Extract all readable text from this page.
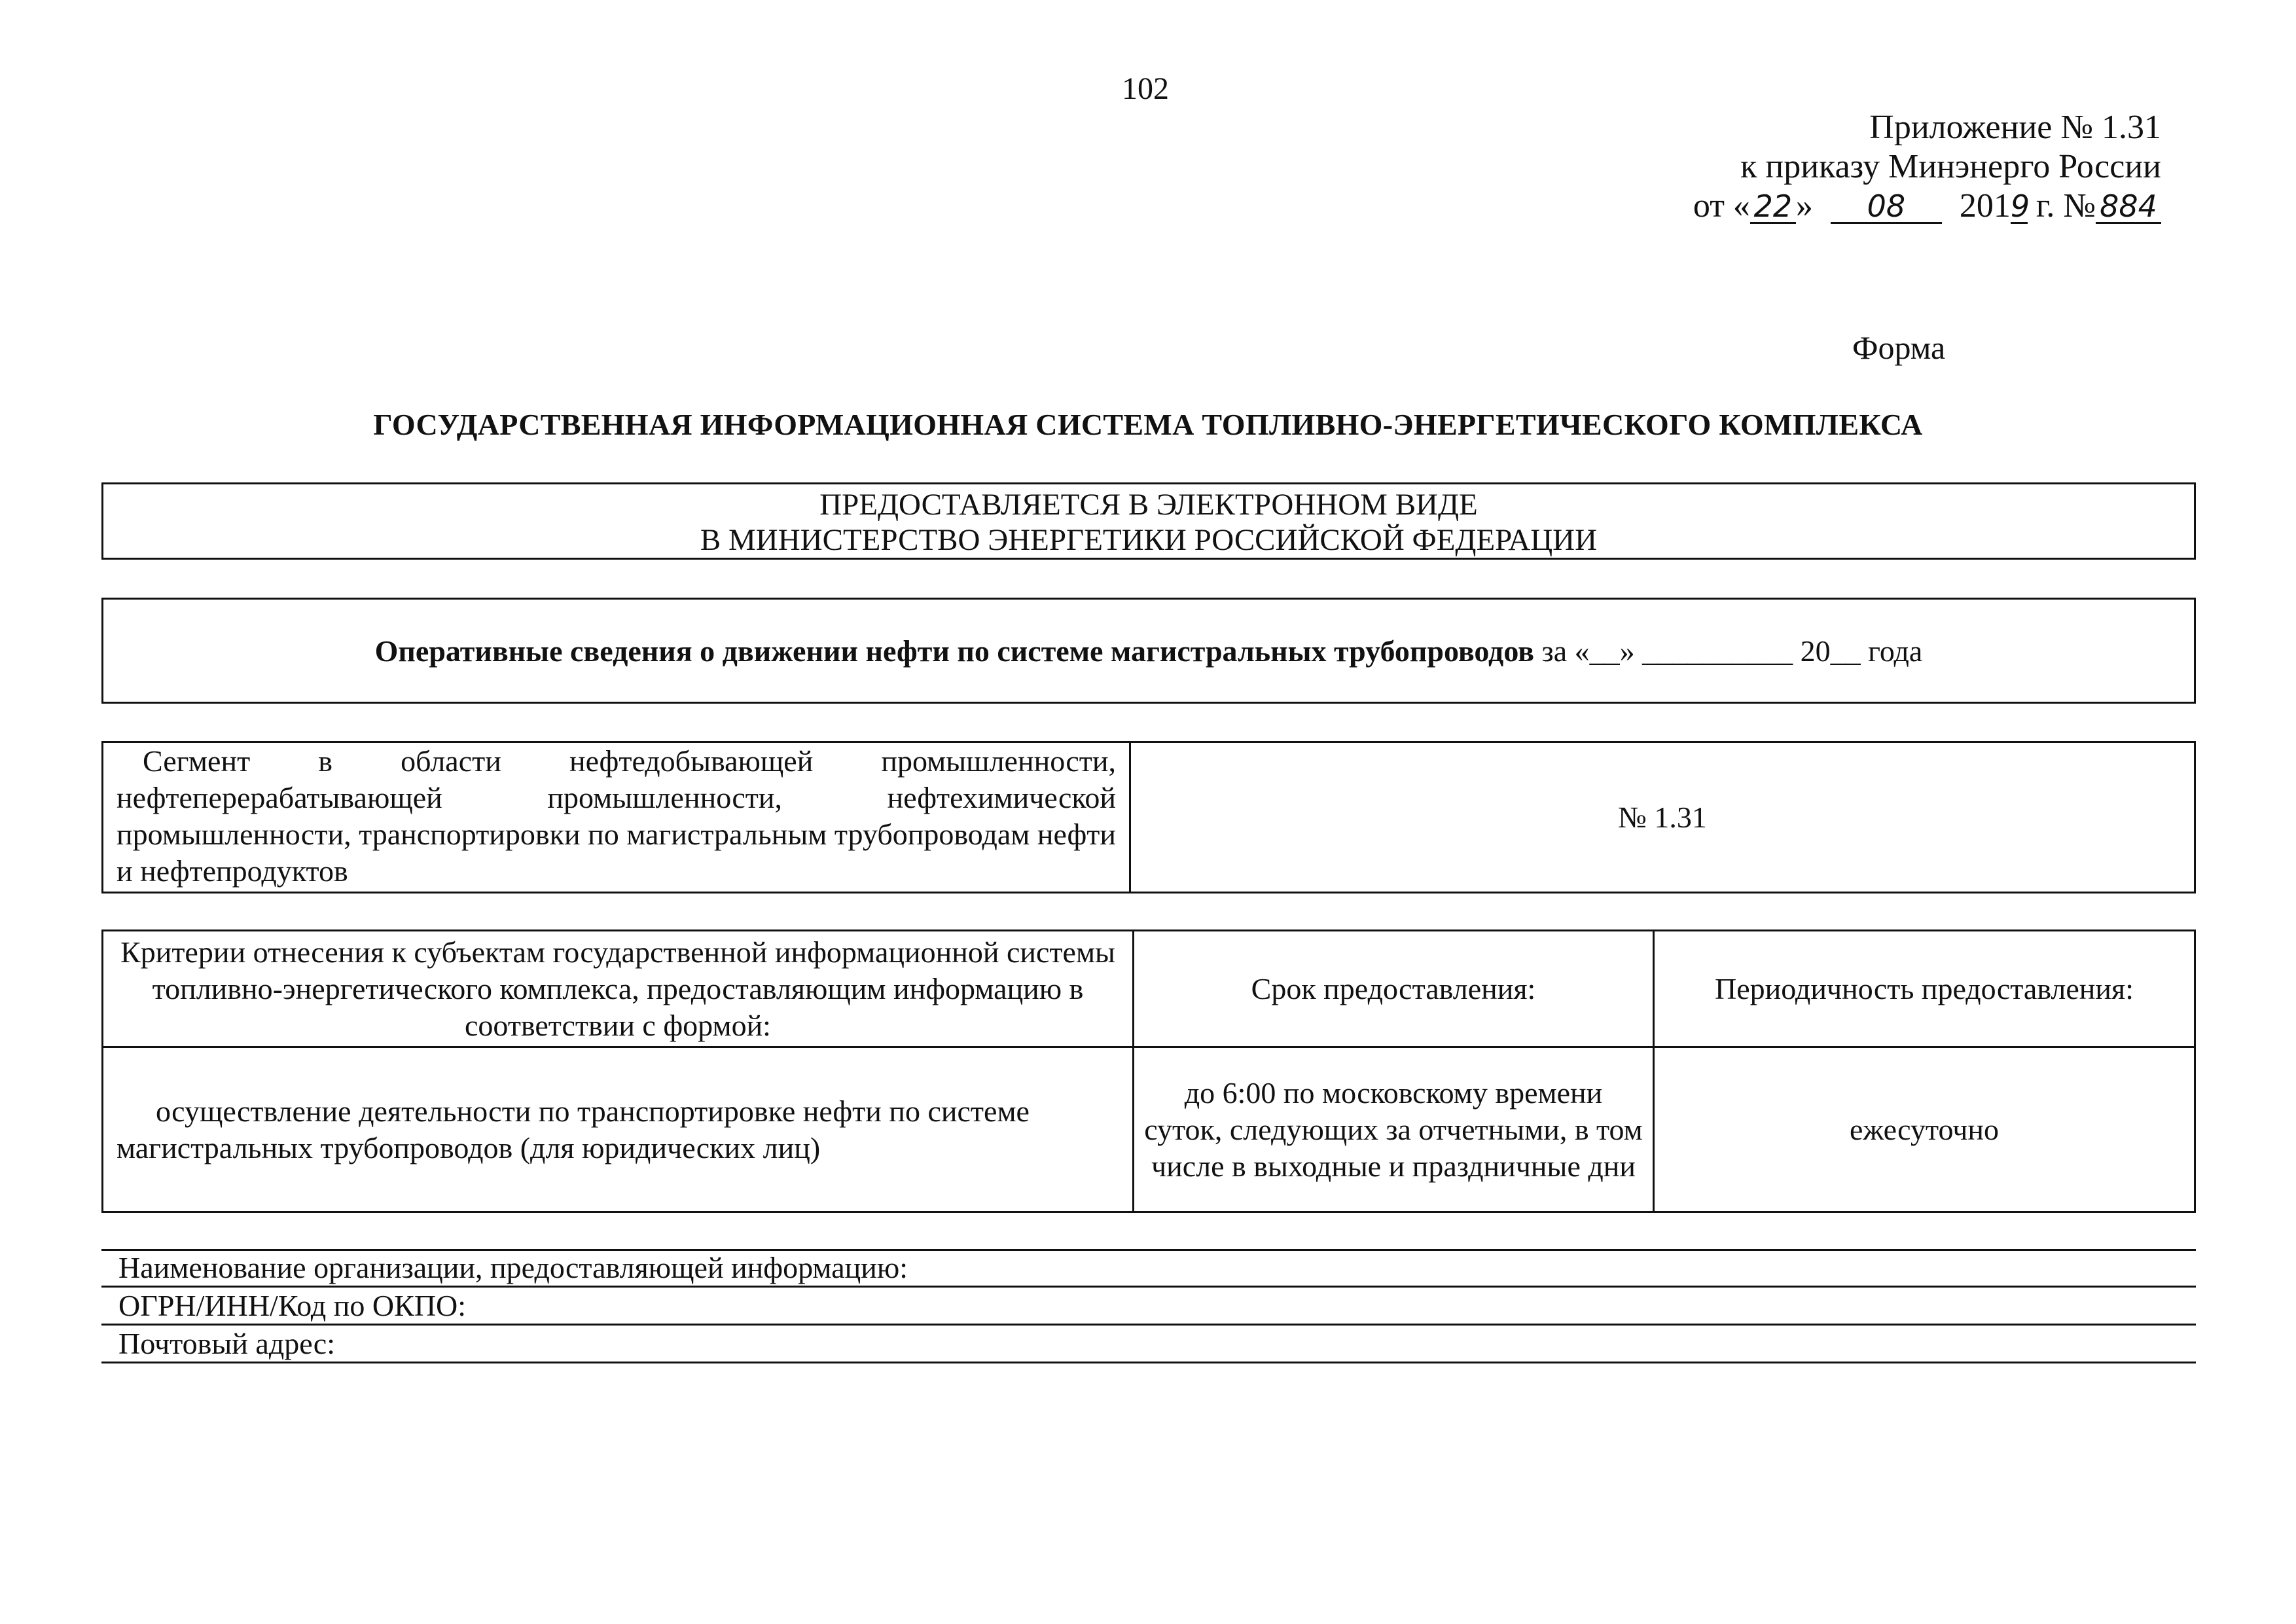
102
Приложение № 1.31
к приказу Минэнерго России
от « 22 » 08 2019 г. № 884
Форма
ГОСУДАРСТВЕННАЯ ИНФОРМАЦИОННАЯ СИСТЕМА ТОПЛИВНО-ЭНЕРГЕТИЧЕСКОГО КОМПЛЕКСА
ПРЕДОСТАВЛЯЕТСЯ В ЭЛЕКТРОННОМ ВИДЕ
В МИНИСТЕРСТВО ЭНЕРГЕТИКИ РОССИЙСКОЙ ФЕДЕРАЦИИ
Оперативные сведения о движении нефти по системе магистральных трубопроводов за «__» __________ 20__ года
Сегмент в области нефтедобывающей промышленности, нефтеперерабатывающей промышленности, нефтехимической промышленности, транспортировки по магистральным трубопроводам нефти и нефтепродуктов	№ 1.31
Критерии отнесения к субъектам государственной информационной системы топливно-энергетического комплекса, предоставляющим информацию в соответствии с формой:	Срок предоставления:	Периодичность предоставления:
осуществление деятельности по транспортировке нефти по системе магистральных трубопроводов (для юридических лиц)	до 6:00 по московскому времени суток, следующих за отчетными, в том числе в выходные и праздничные дни	ежесуточно
Наименование организации, предоставляющей информацию:
ОГРН/ИНН/Код по ОКПО:
Почтовый адрес:
